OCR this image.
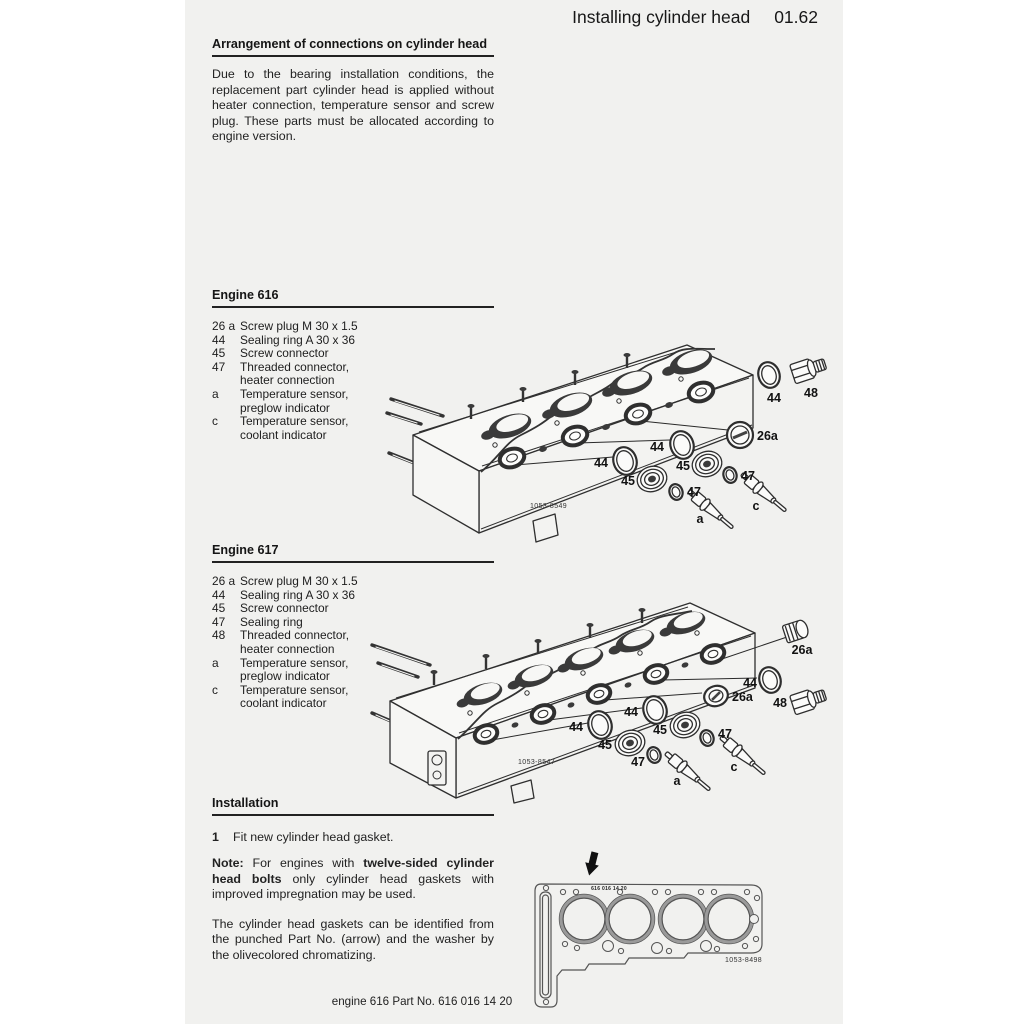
Installing cylinder head 01.62
Arrangement of connections on cylinder head
Due to the bearing installation conditions, the replacement part cylinder head is applied without heater connection, temperature sensor and screw plug. These parts must be allocated according to engine version.
Engine 616
26 a Screw plug M 30 x 1.5
44	Sealing ring A 30 x 36
45	Screw connector
47	Threaded connector,
heater connection
a	Temperature sensor,
preglow indicator
c	Temperature sensor,
coolant indicator
44 48
26a
44
45
47
44
45
47
a
c
1053-8549
Engine 617
26 a Screw plug M 30 x 1.5
44	Sealing ring A 30 x 36
45	Screw connector
47	Sealing ring
48	Threaded connector,
heater connection
a	Temperature sensor,
preglow indicator
c	Temperature sensor,
coolant indicator
26a
44
48
26a
44
45	47
44
45
47
a
c
1053-8547
Installation
1	Fit new cylinder head gasket.
Note: For engines with twelve-sided cylinder head bolts only cylinder head gaskets with improved impregnation may be used.
The cylinder head gaskets can be identified from the punched Part No. (arrow) and the washer by the olivecolored chromatizing.
616 016 14 20
1053-8498
engine 616 Part No. 616 016 14 20
